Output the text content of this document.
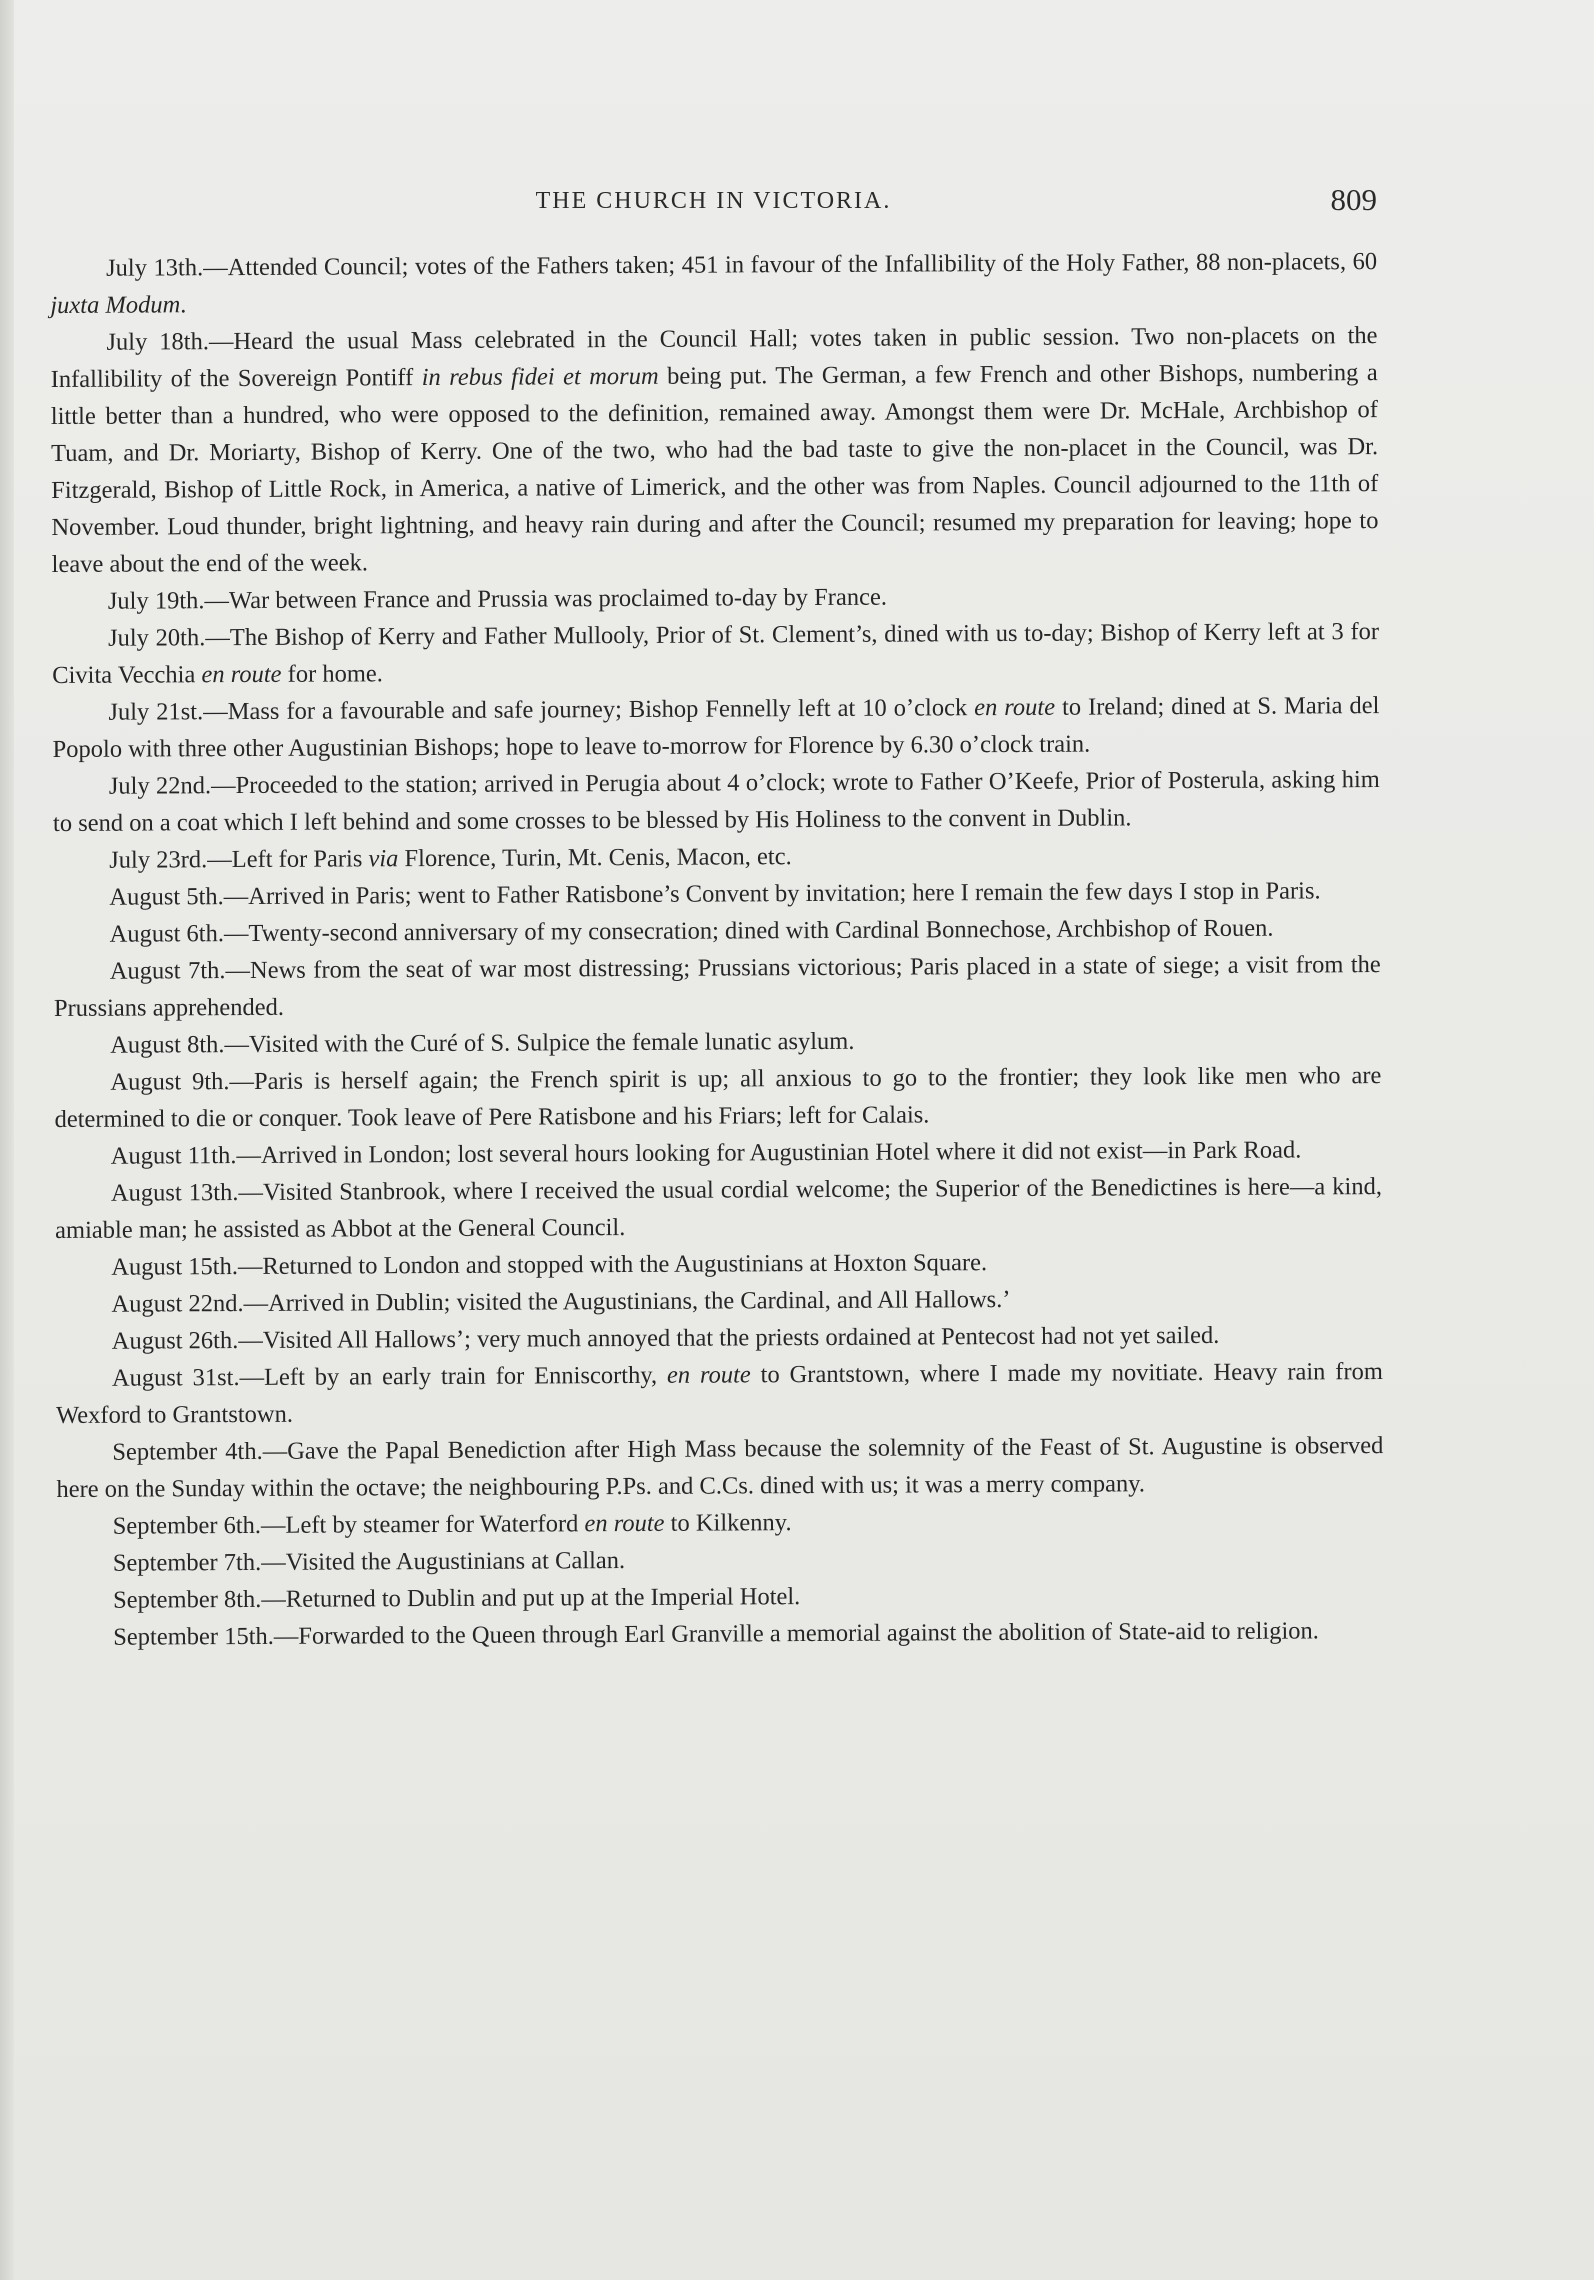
THE CHURCH IN VICTORIA.	809

July 13th.—Attended Council; votes of the Fathers taken; 451 in favour of the Infallibility of the Holy Father, 88 non-placets, 60 juxta Modum.

July 18th.—Heard the usual Mass celebrated in the Council Hall; votes taken in public session. Two non-placets on the Infallibility of the Sovereign Pontiff in rebus fidei et morum being put. The German, a few French and other Bishops, numbering a little better than a hundred, who were opposed to the definition, remained away. Amongst them were Dr. McHale, Archbishop of Tuam, and Dr. Moriarty, Bishop of Kerry. One of the two, who had the bad taste to give the non-placet in the Council, was Dr. Fitzgerald, Bishop of Little Rock, in America, a native of Limerick, and the other was from Naples. Council adjourned to the 11th of November. Loud thunder, bright lightning, and heavy rain during and after the Council; resumed my preparation for leaving; hope to leave about the end of the week.

July 19th.—War between France and Prussia was proclaimed to-day by France.

July 20th.—The Bishop of Kerry and Father Mullooly, Prior of St. Clement’s, dined with us to-day; Bishop of Kerry left at 3 for Civita Vecchia en route for home.

July 21st.—Mass for a favourable and safe journey; Bishop Fennelly left at 10 o’clock en route to Ireland; dined at S. Maria del Popolo with three other Augustinian Bishops; hope to leave to-morrow for Florence by 6.30 o’clock train.

July 22nd.—Proceeded to the station; arrived in Perugia about 4 o’clock; wrote to Father O’Keefe, Prior of Posterula, asking him to send on a coat which I left behind and some crosses to be blessed by His Holiness to the convent in Dublin.

July 23rd.—Left for Paris via Florence, Turin, Mt. Cenis, Macon, etc.

August 5th.—Arrived in Paris; went to Father Ratisbone’s Convent by invitation; here I remain the few days I stop in Paris.

August 6th.—Twenty-second anniversary of my consecration; dined with Cardinal Bonnechose, Archbishop of Rouen.

August 7th.—News from the seat of war most distressing; Prussians victorious; Paris placed in a state of siege; a visit from the Prussians apprehended.

August 8th.—Visited with the Curé of S. Sulpice the female lunatic asylum.

August 9th.—Paris is herself again; the French spirit is up; all anxious to go to the frontier; they look like men who are determined to die or conquer. Took leave of Pere Ratisbone and his Friars; left for Calais.

August 11th.—Arrived in London; lost several hours looking for Augustinian Hotel where it did not exist—in Park Road.

August 13th.—Visited Stanbrook, where I received the usual cordial welcome; the Superior of the Benedictines is here—a kind, amiable man; he assisted as Abbot at the General Council.

August 15th.—Returned to London and stopped with the Augustinians at Hoxton Square.

August 22nd.—Arrived in Dublin; visited the Augustinians, the Cardinal, and All Hallows.’

August 26th.—Visited All Hallows’; very much annoyed that the priests ordained at Pentecost had not yet sailed.

August 31st.—Left by an early train for Enniscorthy, en route to Grantstown, where I made my novitiate. Heavy rain from Wexford to Grantstown.

September 4th.—Gave the Papal Benediction after High Mass because the solemnity of the Feast of St. Augustine is observed here on the Sunday within the octave; the neighbouring P.Ps. and C.Cs. dined with us; it was a merry company.

September 6th.—Left by steamer for Waterford en route to Kilkenny.

September 7th.—Visited the Augustinians at Callan.

September 8th.—Returned to Dublin and put up at the Imperial Hotel.

September 15th.—Forwarded to the Queen through Earl Granville a memorial against the abolition of State-aid to religion.
